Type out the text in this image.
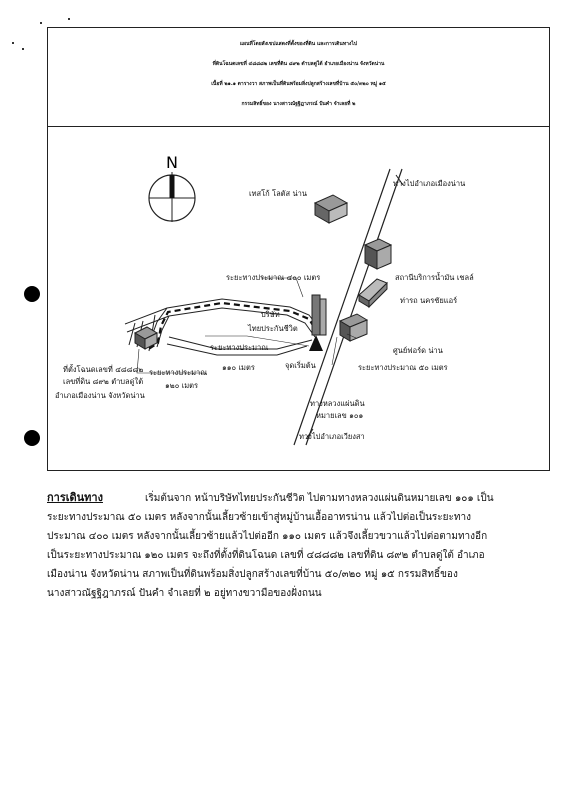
แผนที่โดยสังเขปแสดงที่ตั้งของที่ดิน และการเดินทางไป
ที่ดินโฉนดเลขที่ ๔๘๘๘๒ เลขที่ดิน ๘๙๒ ตำบลดู่ใต้ อำเภอเมืองน่าน จังหวัดน่าน
เนื้อที่ ๒๑.๑ ตารางวา สภาพเป็นที่ดินพร้อมสิ่งปลูกสร้างเลขที่บ้าน ๕๐/๓๒๐ หมู่ ๑๕
กรรมสิทธิ์ของ นางสาวณัฐฐิฎาภรณ์ ปันคำ จำเลยที่ ๒
N
ทางไปอำเภอเมืองน่าน
เทสโก้ โลตัส น่าน
สถานีบริการน้ำมัน เชลล์
ท่ารถ นครชัยแอร์
ศูนย์ฟอร์ด น่าน
ระยะทางประมาณ ๕๐ เมตร
ทางหลวงแผ่นดิน
หมายเลข ๑๐๑
ทางไปอำเภอเวียงสา
ระยะทางประมาณ ๔๐๐ เมตร
บริษัท
ไทยประกันชีวิต
ระยะทางประมาณ
๑๑๐ เมตร	จุดเริ่มต้น
ระยะทางประมาณ
๑๒๐ เมตร
ที่ตั้งโฉนดเลขที่ ๔๘๘๘๒
เลขที่ดิน ๘๙๒ ตำบลดู่ใต้
อำเภอเมืองน่าน จังหวัดน่าน
การเดินทาง	เริ่มต้นจาก หน้าบริษัทไทยประกันชีวิต ไปตามทางหลวงแผ่นดินหมายเลข ๑๐๑ เป็น
ระยะทางประมาณ ๕๐ เมตร หลังจากนั้นเลี้ยวซ้ายเข้าสู่หมู่บ้านเอื้ออาทรน่าน แล้วไปต่อเป็นระยะทาง
ประมาณ ๔๐๐ เมตร หลังจากนั้นเลี้ยวซ้ายแล้วไปต่ออีก ๑๑๐ เมตร แล้วจึงเลี้ยวขวาแล้วไปต่อตามทางอีก
เป็นระยะทางประมาณ ๑๒๐ เมตร จะถึงที่ตั้งที่ดินโฉนด เลขที่ ๔๘๘๘๒ เลขที่ดิน ๘๙๒ ตำบลดู่ใต้ อำเภอ
เมืองน่าน จังหวัดน่าน สภาพเป็นที่ดินพร้อมสิ่งปลูกสร้างเลขที่บ้าน ๕๐/๓๒๐ หมู่ ๑๕ กรรมสิทธิ์ของ
นางสาวณัฐฐิฎาภรณ์ ปันคำ จำเลยที่ ๒ อยู่ทางขวามือของฝั่งถนน
